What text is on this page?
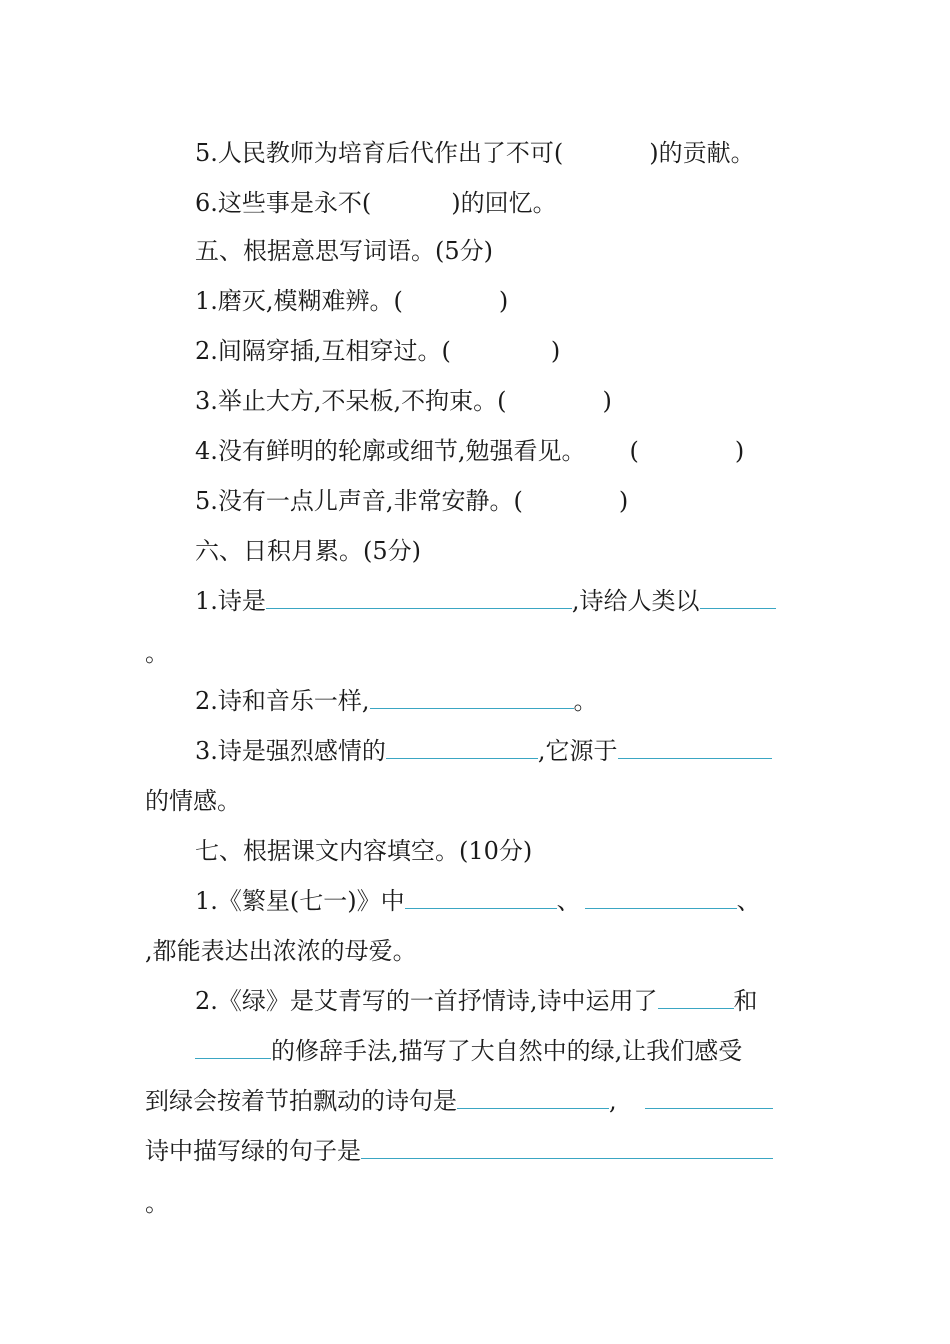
5.人民教师为培育后代作出了不可(	)的贡献。
6.这些事是永不(	)的回忆。
五、根据意思写词语。(5分)
1.磨灭,模糊难辨。(	)
2.间隔穿插,互相穿过。(	)
3.举止大方,不呆板,不拘束。(	)
4.没有鲜明的轮廓或细节,勉强看见。 (	)
5.没有一点儿声音,非常安静。(	)
六、日积月累。(5分)
1.诗是	,诗给人类以
。
2.诗和音乐一样,	。
3.诗是强烈感情的	,它源于
的情感。
七、根据课文内容填空。(10分)
1.《繁星(七一)》中	、	、
,都能表达出浓浓的母爱。
2.《绿》是艾青写的一首抒情诗,诗中运用了	和
的修辞手法,描写了大自然中的绿,让我们感受
到绿会按着节拍飘动的诗句是	,
诗中描写绿的句子是
。
